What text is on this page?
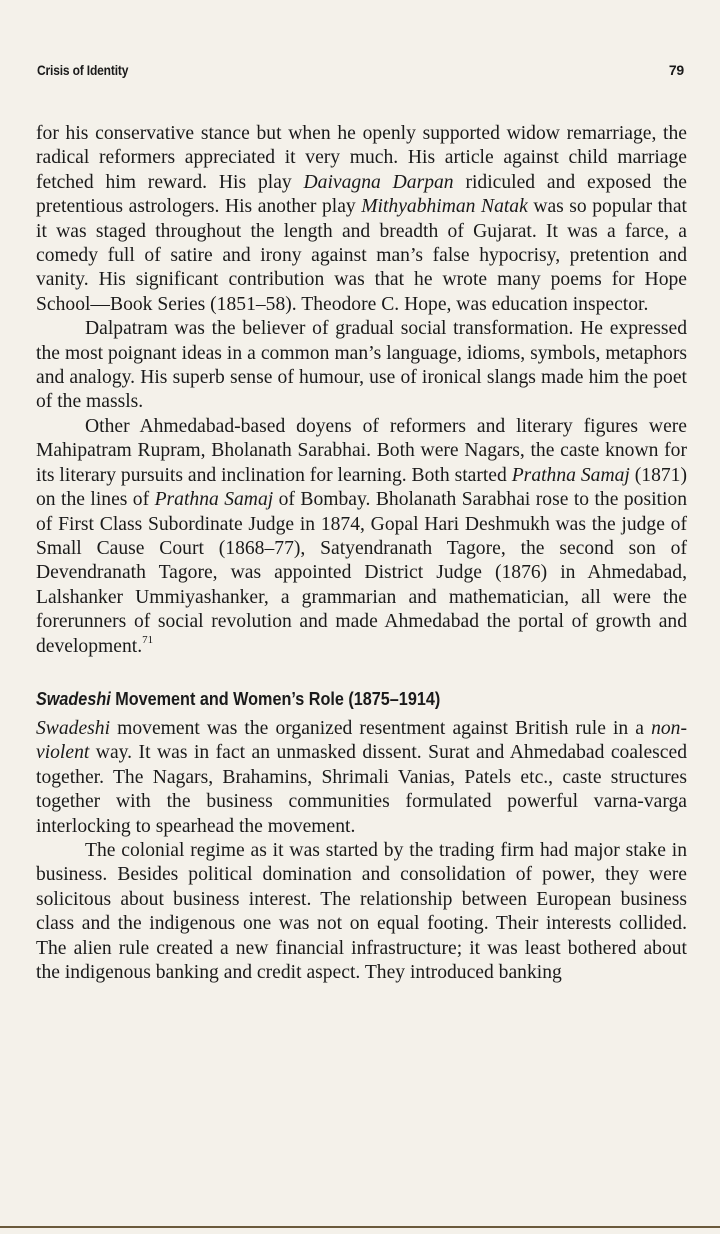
Crisis of Identity	79

for his conservative stance but when he openly supported widow remarriage, the radical reformers appreciated it very much. His article against child marriage fetched him reward. His play Daivagna Darpan ridiculed and exposed the pretentious astrologers. His another play Mithyabhiman Natak was so popular that it was staged throughout the length and breadth of Gujarat. It was a farce, a comedy full of satire and irony against man’s false hypocrisy, pretention and vanity. His significant contribution was that he wrote many poems for Hope School—Book Series (1851–58). Theodore C. Hope, was education inspector.

Dalpatram was the believer of gradual social transformation. He expressed the most poignant ideas in a common man’s language, idioms, symbols, metaphors and analogy. His superb sense of humour, use of ironical slangs made him the poet of the massls.

Other Ahmedabad-based doyens of reformers and literary figures were Mahipatram Rupram, Bholanath Sarabhai. Both were Nagars, the caste known for its literary pursuits and inclination for learning. Both started Prathna Samaj (1871) on the lines of Prathna Samaj of Bombay. Bholanath Sarabhai rose to the position of First Class Subordinate Judge in 1874, Gopal Hari Deshmukh was the judge of Small Cause Court (1868–77), Satyendranath Tagore, the second son of Devendranath Tagore, was appointed District Judge (1876) in Ahmedabad, Lalshanker Ummiyashanker, a grammarian and mathematician, all were the forerunners of social revolution and made Ahmedabad the portal of growth and development.$^{71}$

Swadeshi Movement and Women’s Role (1875–1914)

Swadeshi movement was the organized resentment against British rule in a non-violent way. It was in fact an unmasked dissent. Surat and Ahmedabad coalesced together. The Nagars, Brahamins, Shrimali Vanias, Patels etc., caste structures together with the business communities formulated powerful varna-varga interlocking to spearhead the movement.

The colonial regime as it was started by the trading firm had major stake in business. Besides political domination and consolidation of power, they were solicitous about business interest. The relationship between European business class and the indigenous one was not on equal footing. Their interests collided. The alien rule created a new financial infrastructure; it was least bothered about the indigenous banking and credit aspect. They introduced banking
